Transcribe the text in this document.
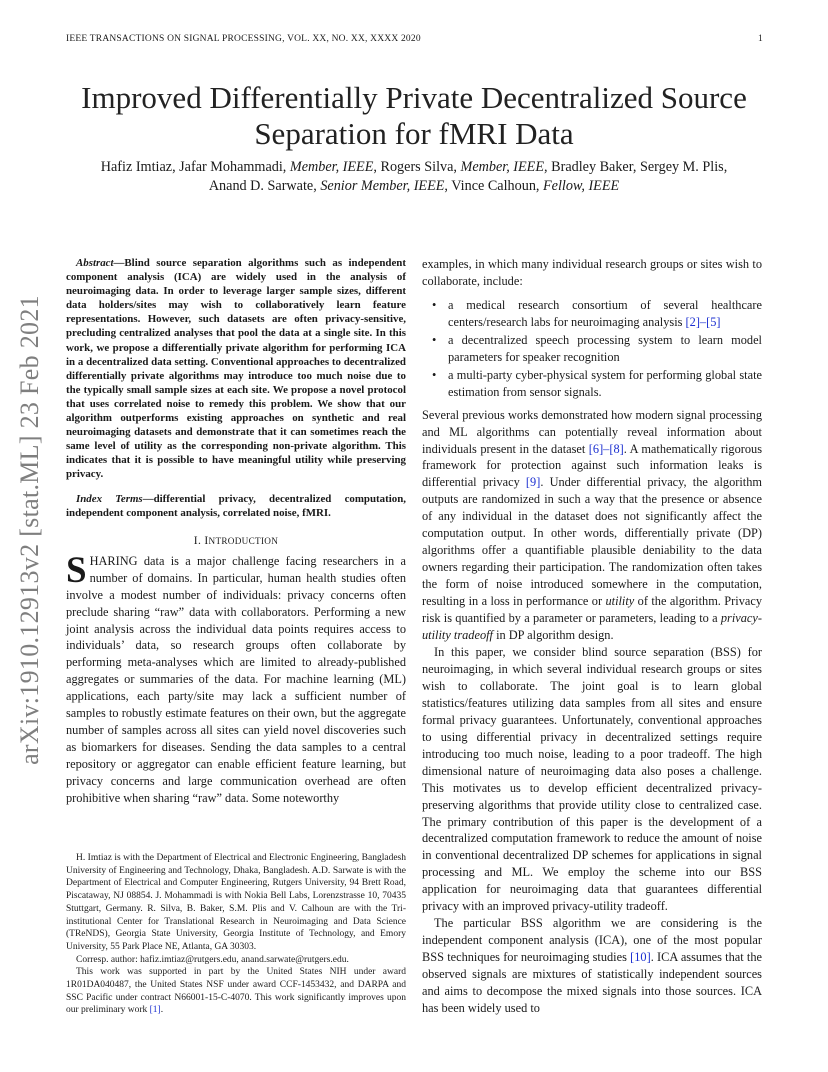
IEEE TRANSACTIONS ON SIGNAL PROCESSING, VOL. XX, NO. XX, XXXX 2020	1
Improved Differentially Private Decentralized Source Separation for fMRI Data
Hafiz Imtiaz, Jafar Mohammadi, Member, IEEE, Rogers Silva, Member, IEEE, Bradley Baker, Sergey M. Plis, Anand D. Sarwate, Senior Member, IEEE, Vince Calhoun, Fellow, IEEE
arXiv:1910.12913v2 [stat.ML] 23 Feb 2021

Abstract—Blind source separation algorithms such as independent component analysis (ICA) are widely used in the analysis of neuroimaging data. In order to leverage larger sample sizes, different data holders/sites may wish to collaboratively learn feature representations. However, such datasets are often privacy-sensitive, precluding centralized analyses that pool the data at a single site. In this work, we propose a differentially private algorithm for performing ICA in a decentralized data setting. Conventional approaches to decentralized differentially private algorithms may introduce too much noise due to the typically small sample sizes at each site. We propose a novel protocol that uses correlated noise to remedy this problem. We show that our algorithm outperforms existing approaches on synthetic and real neuroimaging datasets and demonstrate that it can sometimes reach the same level of utility as the corresponding non-private algorithm. This indicates that it is possible to have meaningful utility while preserving privacy.

Index Terms—differential privacy, decentralized computation, independent component analysis, correlated noise, fMRI.

I. INTRODUCTION

SHARING data is a major challenge facing researchers in a number of domains. In particular, human health studies often involve a modest number of individuals: privacy concerns often preclude sharing “raw” data with collaborators. Performing a new joint analysis across the individual data points requires access to individuals’ data, so research groups often collaborate by performing meta-analyses which are limited to already-published aggregates or summaries of the data. For machine learning (ML) applications, each party/site may lack a sufficient number of samples to robustly estimate features on their own, but the aggregate number of samples across all sites can yield novel discoveries such as biomarkers for diseases. Sending the data samples to a central repository or aggregator can enable efficient feature learning, but privacy concerns and large communication overhead are often prohibitive when sharing “raw” data. Some noteworthy

H. Imtiaz is with the Department of Electrical and Electronic Engineering, Bangladesh University of Engineering and Technology, Dhaka, Bangladesh. A.D. Sarwate is with the Department of Electrical and Computer Engineering, Rutgers University, 94 Brett Road, Piscataway, NJ 08854. J. Mohammadi is with Nokia Bell Labs, Lorenzstrasse 10, 70435 Stuttgart, Germany. R. Silva, B. Baker, S.M. Plis and V. Calhoun are with the Tri-institutional Center for Translational Research in Neuroimaging and Data Science (TReNDS), Georgia State University, Georgia Institute of Technology, and Emory University, 55 Park Place NE, Atlanta, GA 30303.

Corresp. author: hafiz.imtiaz@rutgers.edu, anand.sarwate@rutgers.edu.

This work was supported in part by the United States NIH under award 1R01DA040487, the United States NSF under award CCF-1453432, and DARPA and SSC Pacific under contract N66001-15-C-4070. This work significantly improves upon our preliminary work [1].

examples, in which many individual research groups or sites wish to collaborate, include:

• a medical research consortium of several healthcare centers/research labs for neuroimaging analysis [2]–[5]
• a decentralized speech processing system to learn model parameters for speaker recognition
• a multi-party cyber-physical system for performing global state estimation from sensor signals.

Several previous works demonstrated how modern signal processing and ML algorithms can potentially reveal information about individuals present in the dataset [6]–[8]. A mathematically rigorous framework for protection against such information leaks is differential privacy [9]. Under differential privacy, the algorithm outputs are randomized in such a way that the presence or absence of any individual in the dataset does not significantly affect the computation output. In other words, differentially private (DP) algorithms offer a quantifiable plausible deniability to the data owners regarding their participation. The randomization often takes the form of noise introduced somewhere in the computation, resulting in a loss in performance or utility of the algorithm. Privacy risk is quantified by a parameter or parameters, leading to a privacy-utility tradeoff in DP algorithm design.

In this paper, we consider blind source separation (BSS) for neuroimaging, in which several individual research groups or sites wish to collaborate. The joint goal is to learn global statistics/features utilizing data samples from all sites and ensure formal privacy guarantees. Unfortunately, conventional approaches to using differential privacy in decentralized settings require introducing too much noise, leading to a poor tradeoff. The high dimensional nature of neuroimaging data also poses a challenge. This motivates us to develop efficient decentralized privacy-preserving algorithms that provide utility close to centralized case. The primary contribution of this paper is the development of a decentralized computation framework to reduce the amount of noise in conventional decentralized DP schemes for applications in signal processing and ML. We employ the scheme into our BSS application for neuroimaging data that guarantees differential privacy with an improved privacy-utility tradeoff.

The particular BSS algorithm we are considering is the independent component analysis (ICA), one of the most popular BSS techniques for neuroimaging studies [10]. ICA assumes that the observed signals are mixtures of statistically independent sources and aims to decompose the mixed signals into those sources. ICA has been widely used to
